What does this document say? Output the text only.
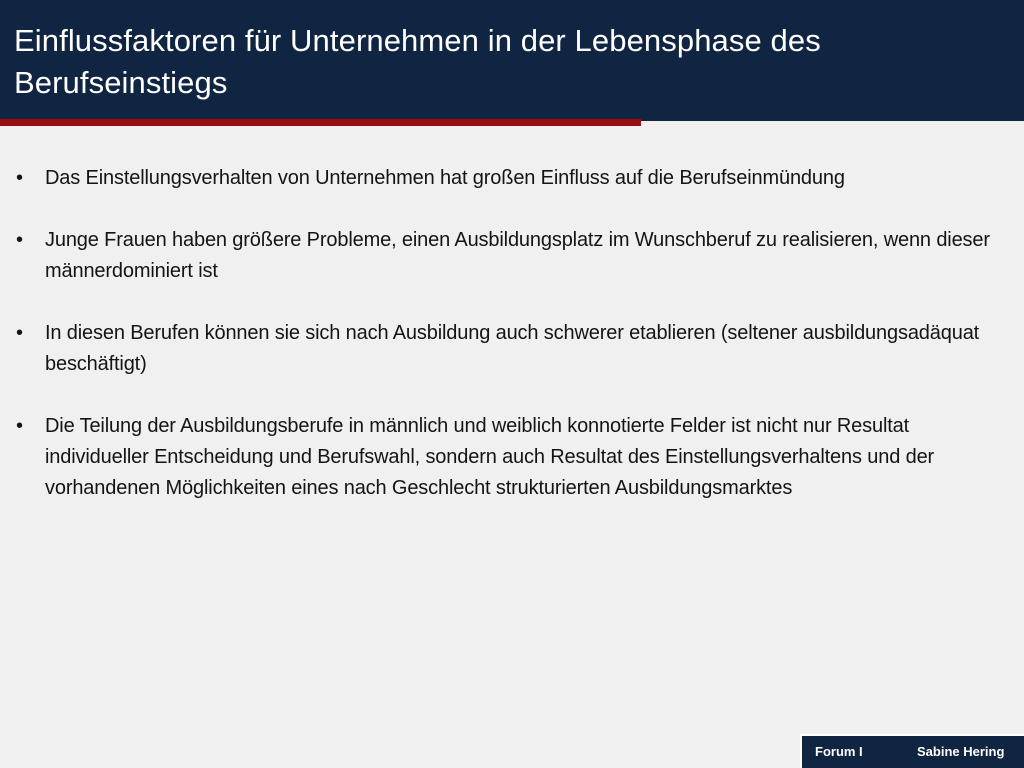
Einflussfaktoren für Unternehmen in der Lebensphase des Berufseinstiegs
• Das Einstellungsverhalten von Unternehmen hat großen Einfluss auf die Berufseinmündung
• Junge Frauen haben größere Probleme, einen Ausbildungsplatz im Wunschberuf zu realisieren, wenn dieser männerdominiert ist
• In diesen Berufen können sie sich nach Ausbildung auch schwerer etablieren (seltener ausbildungsadäquat beschäftigt)
• Die Teilung der Ausbildungsberufe in männlich und weiblich konnotierte Felder ist nicht nur Resultat individueller Entscheidung und Berufswahl, sondern auch Resultat des Einstellungsverhaltens und der vorhandenen Möglichkeiten eines nach Geschlecht strukturierten Ausbildungsmarktes
Forum I	Sabine Hering
